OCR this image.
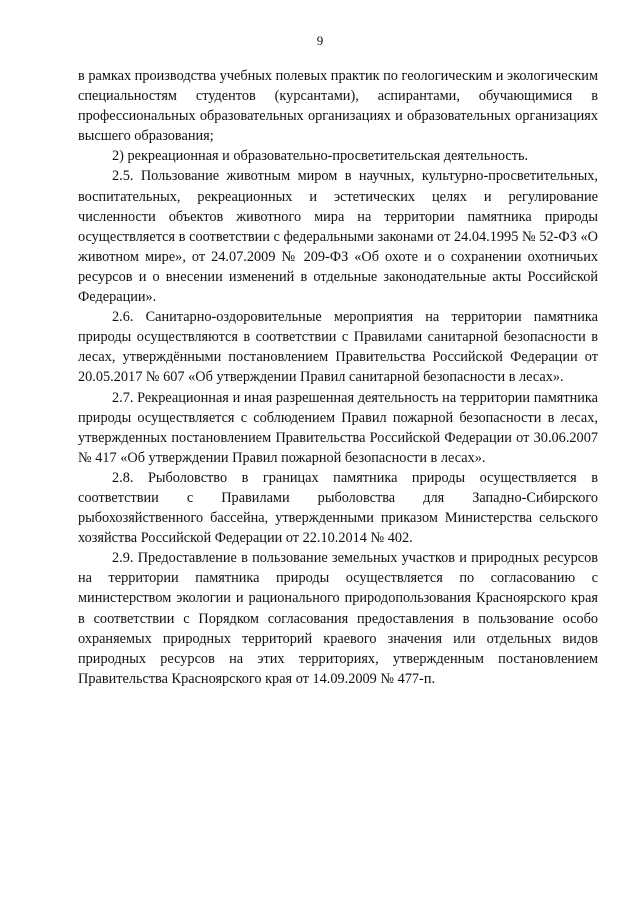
9

в рамках производства учебных полевых практик по геологическим и экологическим специальностям студентов (курсантами), аспирантами, обучающимися в профессиональных образовательных организациях и образовательных организациях высшего образования;

2) рекреационная и образовательно-просветительская деятельность.

2.5. Пользование животным миром в научных, культурно-просветительных, воспитательных, рекреационных и эстетических целях и регулирование численности объектов животного мира на территории памятника природы осуществляется в соответствии с федеральными законами от 24.04.1995 № 52-ФЗ «О животном мире», от 24.07.2009 № 209-ФЗ «Об охоте и о сохранении охотничьих ресурсов и о внесении изменений в отдельные законодательные акты Российской Федерации».

2.6. Санитарно-оздоровительные мероприятия на территории памятника природы осуществляются в соответствии с Правилами санитарной безопасности в лесах, утверждёнными постановлением Правительства Российской Федерации от 20.05.2017 № 607 «Об утверждении Правил санитарной безопасности в лесах».

2.7. Рекреационная и иная разрешенная деятельность на территории памятника природы осуществляется с соблюдением Правил пожарной безопасности в лесах, утвержденных постановлением Правительства Российской Федерации от 30.06.2007 № 417 «Об утверждении Правил пожарной безопасности в лесах».

2.8. Рыболовство в границах памятника природы осуществляется в соответствии с Правилами рыболовства для Западно-Сибирского рыбохозяйственного бассейна, утвержденными приказом Министерства сельского хозяйства Российской Федерации от 22.10.2014 № 402.

2.9. Предоставление в пользование земельных участков и природных ресурсов на территории памятника природы осуществляется по согласованию с министерством экологии и рационального природопользования Красноярского края в соответствии с Порядком согласования предоставления в пользование особо охраняемых природных территорий краевого значения или отдельных видов природных ресурсов на этих территориях, утвержденным постановлением Правительства Красноярского края от 14.09.2009 № 477-п.
